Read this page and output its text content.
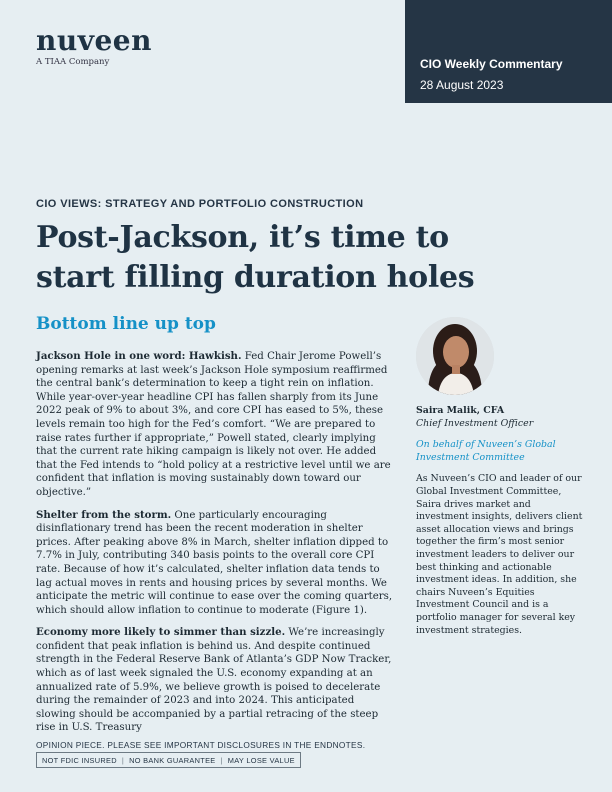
nuveen
A TIAA Company	CIO Weekly Commentary
28 August 2023
CIO VIEWS: STRATEGY AND PORTFOLIO CONSTRUCTION
Post-Jackson, it’s time to
start filling duration holes
Bottom line up top

Jackson Hole in one word: Hawkish. Fed Chair Jerome Powell’s opening remarks at last week’s Jackson Hole symposium reaffirmed the central bank’s determination to keep a tight rein on inflation. While year-over-year headline CPI has fallen sharply from its June 2022 peak of 9% to about 3%, and core CPI has eased to 5%, these levels remain too high for the Fed’s comfort. “We are prepared to raise rates further if appropriate,” Powell stated, clearly implying that the current rate hiking campaign is likely not over. He added that the Fed intends to “hold policy at a restrictive level until we are confident that inflation is moving sustainably down toward our objective.”

Shelter from the storm. One particularly encouraging disinflationary trend has been the recent moderation in shelter prices. After peaking above 8% in March, shelter inflation dipped to 7.7% in July, contributing 340 basis points to the overall core CPI rate. Because of how it’s calculated, shelter inflation data tends to lag actual moves in rents and housing prices by several months. We anticipate the metric will continue to ease over the coming quarters, which should allow inflation to continue to moderate (Figure 1).

Economy more likely to simmer than sizzle. We’re increasingly confident that peak inflation is behind us. And despite continued strength in the Federal Reserve Bank of Atlanta’s GDP Now Tracker, which as of last week signaled the U.S. economy expanding at an annualized rate of 5.9%, we believe growth is poised to decelerate during the remainder of 2023 and into 2024. This anticipated slowing should be accompanied by a partial retracing of the steep rise in U.S. Treasury

Saira Malik, CFA
Chief Investment Officer
On behalf of Nuveen’s Global Investment Committee
As Nuveen’s CIO and leader of our Global Investment Committee, Saira drives market and investment insights, delivers client asset allocation views and brings together the firm’s most senior investment leaders to deliver our best thinking and actionable investment ideas. In addition, she chairs Nuveen’s Equities Investment Council and is a portfolio manager for several key investment strategies.
OPINION PIECE. PLEASE SEE IMPORTANT DISCLOSURES IN THE ENDNOTES.
NOT FDIC INSURED | NO BANK GUARANTEE | MAY LOSE VALUE
